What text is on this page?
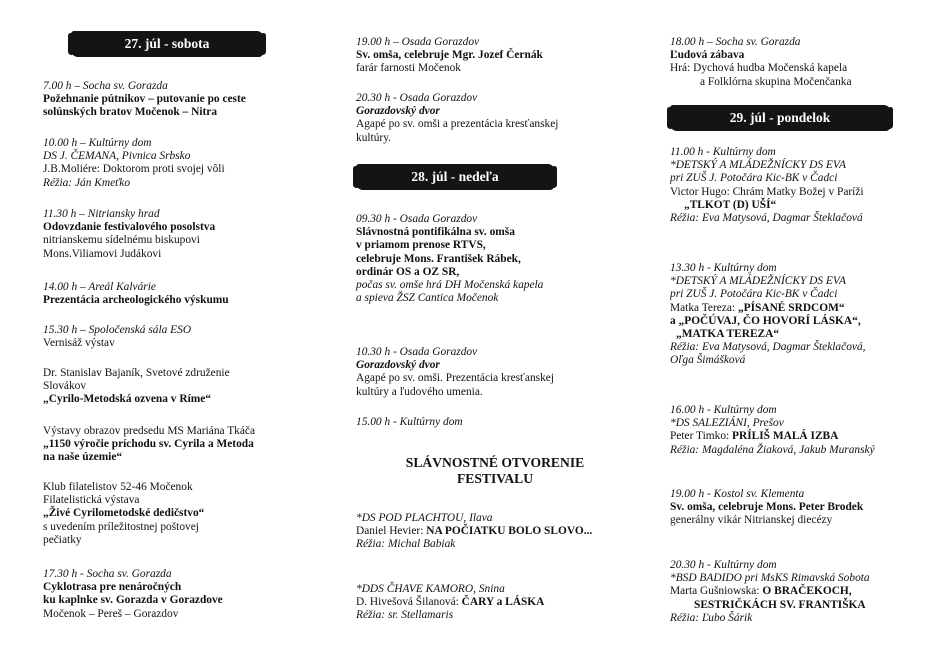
27. júl - sobota
7.00 h – Socha sv. Gorazda
Požehnanie pútnikov – putovanie po ceste
solúnských bratov Močenok – Nitra
10.00 h – Kultúrny dom
DS J. ČEMANA, Pivnica Srbsko
J.B.Moliére: Doktorom proti svojej vôli
Réžia: Ján Kmeťko
11.30 h – Nitriansky hrad
Odovzdanie festivalového posolstva
nitrianskemu sídelnému biskupovi
Mons.Viliamovi Judákovi
14.00 h – Areál Kalvárie
Prezentácia archeologického výskumu
15.30 h – Spoločenská sála ESO
Vernisáž výstav
Dr. Stanislav Bajaník, Svetové združenie
Slovákov
„Cyrilo-Metodská ozvena v Ríme“
Výstavy obrazov predsedu MS Mariána Tkáča
„1150 výročie príchodu sv. Cyrila a Metoda
na naše územie“
Klub filatelistov 52-46 Močenok
Filatelistická výstava
„Živé Cyrilometodské dedičstvo“
s uvedením príležitostnej poštovej
pečiatky
17.30 h - Socha sv. Gorazda
Cyklotrasa pre nenáročných
ku kaplnke sv. Gorazda v Gorazdove
Močenok – Pereš – Gorazdov
19.00 h – Osada Gorazdov
Sv. omša, celebruje Mgr. Jozef Černák
farár farnosti Močenok
20.30 h - Osada Gorazdov
Gorazdovský dvor
Agapé po sv. omši a prezentácia kresťanskej
kultúry.
28. júl - nedeľa
09.30 h - Osada Gorazdov
Slávnostná pontifikálna sv. omša
v priamom prenose RTVS,
celebruje Mons. František Rábek,
ordinár OS a OZ SR,
počas sv. omše hrá DH Močenská kapela
a spieva ŽSZ Cantica Močenok
10.30 h - Osada Gorazdov
Gorazdovský dvor
Agapé po sv. omši. Prezentácia kresťanskej
kultúry a ľudového umenia.
15.00 h - Kultúrny dom
SLÁVNOSTNÉ OTVORENIE
FESTIVALU
*DS POD PLACHTOU, Ilava
Daniel Hevier: NA POČIATKU BOLO SLOVO...
Réžia: Michal Babiak
*DDS ČHAVE KAMORO, Snina
D. Hivešová Šilanová: ČARY a LÁSKA
Réžia: sr. Stellamaris
18.00 h – Socha sv. Gorazda
Ľudová zábava
Hrá: Dychová hudba Močenská kapela
a Folklórna skupina Močenčanka
29. júl - pondelok
11.00 h - Kultúrny dom
*DETSKÝ A MLÁDEŽNÍCKY DS EVA
pri ZUŠ J. Potočára Kic-BK v Čadci
Victor Hugo: Chrám Matky Božej v Paríži
„TLKOT (D) UŠÍ“
Réžia: Eva Matysová, Dagmar Šteklačová
13.30 h - Kultúrny dom
*DETSKÝ A MLÁDEŽNÍCKY DS EVA
pri ZUŠ J. Potočára Kic-BK v Čadci
Matka Tereza: „PÍSANÉ SRDCOM“
a „POČÚVAJ, ČO HOVORÍ LÁSKA“,
„MATKA TEREZA“
Réžia: Eva Matysová, Dagmar Šteklačová,
Oľga Šimášková
16.00 h - Kultúrny dom
*DS SALEZIÁNI, Prešov
Peter Timko: PRÍLIŠ MALÁ IZBA
Réžia: Magdaléna Žiaková, Jakub Muranský
19.00 h - Kostol sv. Klementa
Sv. omša, celebruje Mons. Peter Brodek
generálny vikár Nitrianskej diecézy
20.30 h - Kultúrny dom
*BSD BADIDO pri MsKS Rimavská Sobota
Marta Gušniowska: O BRAČEKOCH,
SESTRIČKÁCH SV. FRANTIŠKA
Réžia: Ľubo Šárik
